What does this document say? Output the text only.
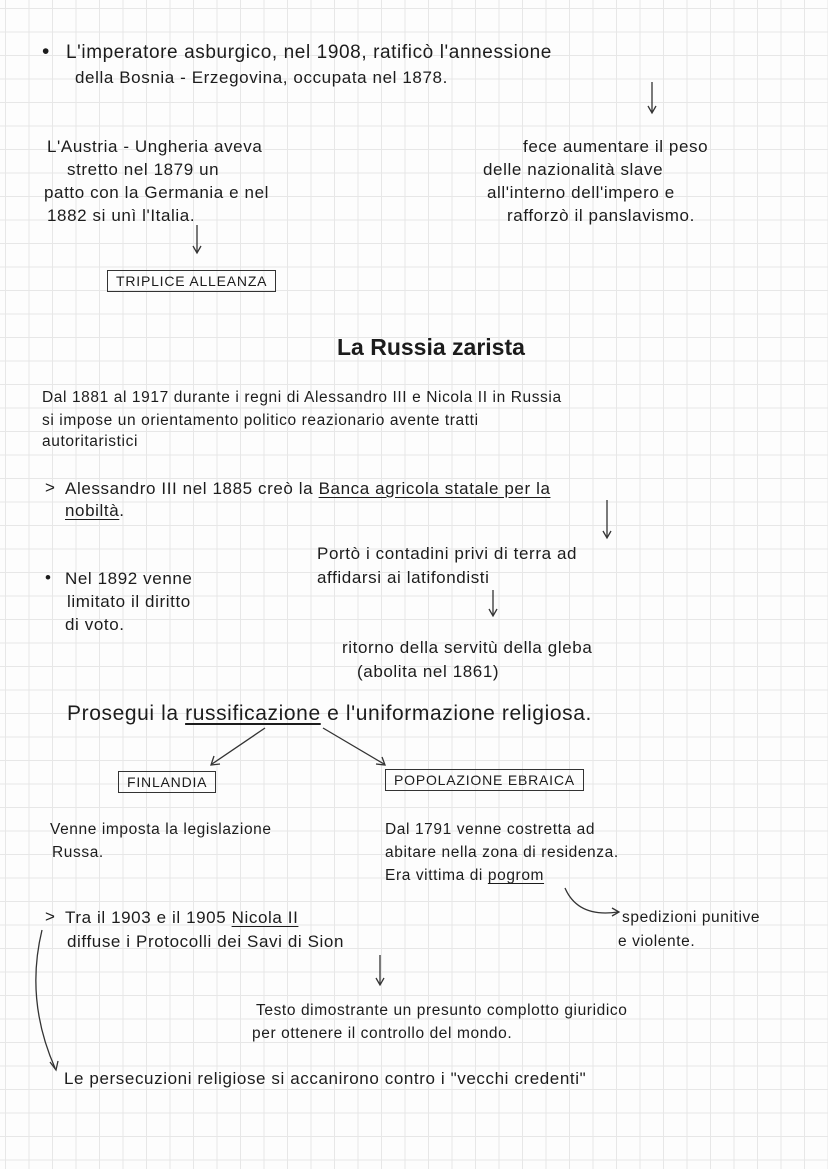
• L'imperatore asburgico, nel 1908, ratificò l'annessione
della Bosnia - Erzegovina, occupata nel 1878.
L'Austria - Ungheria aveva
stretto nel 1879 un
patto con la Germania e nel
1882 si unì l'Italia.
fece aumentare il peso
delle nazionalità slave
all'interno dell'impero e
rafforzò il panslavismo.
TRIPLICE ALLEANZA
La Russia zarista
Dal 1881 al 1917 durante i regni di Alessandro III e Nicola II in Russia
si impose un orientamento politico reazionario avente tratti
autoritaristici
> Alessandro III nel 1885 creò la Banca agricola statale per la
nobiltà.
Portò i contadini privi di terra ad
affidarsi ai latifondisti
• Nel 1892 venne
limitato il diritto
di voto.
ritorno della servitù della gleba
(abolita nel 1861)
Prosegui la russificazione e l'uniformazione religiosa.
FINLANDIA	POPOLAZIONE EBRAICA
Venne imposta la legislazione
Russa.
Dal 1791 venne costretta ad
abitare nella zona di residenza.
Era vittima di pogrom
spedizioni punitive
e violente.
> Tra il 1903 e il 1905 Nicola II
diffuse i Protocolli dei Savi di Sion
Testo dimostrante un presunto complotto giuridico
per ottenere il controllo del mondo.
Le persecuzioni religiose si accanirono contro i "vecchi credenti"
